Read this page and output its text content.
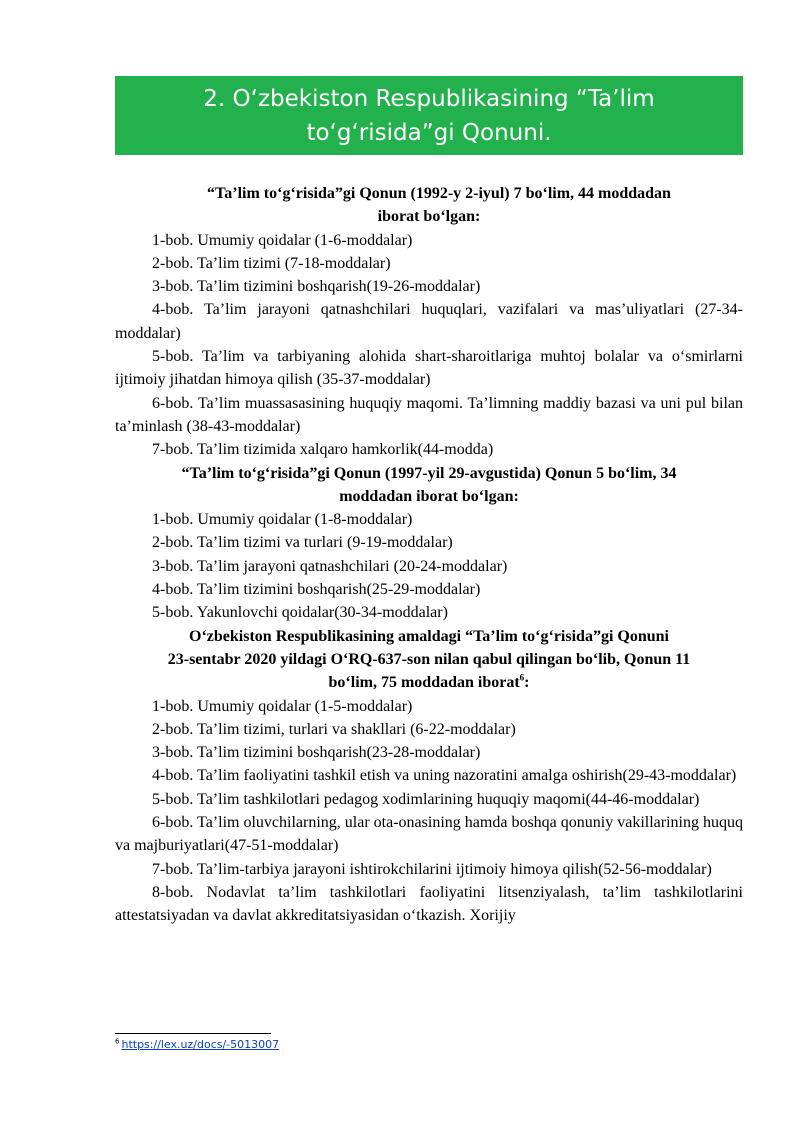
2. O‘zbekiston Respublikasining “Ta’lim
to‘g‘risida”gi Qonuni.

“Ta’lim to‘g‘risida”gi Qonun (1992-y 2-iyul) 7 bo‘lim, 44 moddadan
iborat bo‘lgan:

1-bob. Umumiy qoidalar (1-6-moddalar)

2-bob. Ta’lim tizimi (7-18-moddalar)

3-bob. Ta’lim tizimini boshqarish(19-26-moddalar)

4-bob. Ta’lim jarayoni qatnashchilari huquqlari, vazifalari va mas’uliyatlari (27-34-moddalar)

5-bob. Ta’lim va tarbiyaning alohida shart-sharoitlariga muhtoj bolalar va o‘smirlarni ijtimoiy jihatdan himoya qilish (35-37-moddalar)

6-bob. Ta’lim muassasasining huquqiy maqomi. Ta’limning maddiy bazasi va uni pul bilan ta’minlash (38-43-moddalar)

7-bob. Ta’lim tizimida xalqaro hamkorlik(44-modda)

“Ta’lim to‘g‘risida”gi Qonun (1997-yil 29-avgustida) Qonun 5 bo‘lim, 34
moddadan iborat bo‘lgan:

1-bob. Umumiy qoidalar (1-8-moddalar)

2-bob. Ta’lim tizimi va turlari (9-19-moddalar)

3-bob. Ta’lim jarayoni qatnashchilari (20-24-moddalar)

4-bob. Ta’lim tizimini boshqarish(25-29-moddalar)

5-bob. Yakunlovchi qoidalar(30-34-moddalar)

O‘zbekiston Respublikasining amaldagi “Ta’lim to‘g‘risida”gi Qonuni
23-sentabr 2020 yildagi O‘RQ-637-son nilan qabul qilingan bo‘lib, Qonun 11
bo‘lim, 75 moddadan iborat$^6$:

1-bob. Umumiy qoidalar (1-5-moddalar)

2-bob. Ta’lim tizimi, turlari va shakllari (6-22-moddalar)

3-bob. Ta’lim tizimini boshqarish(23-28-moddalar)

4-bob. Ta’lim faoliyatini tashkil etish va uning nazoratini amalga oshirish(29-43-moddalar)

5-bob. Ta’lim tashkilotlari pedagog xodimlarining huquqiy maqomi(44-46-moddalar)

6-bob. Ta’lim oluvchilarning, ular ota-onasining hamda boshqa qonuniy vakillarining huquq va majburiyatlari(47-51-moddalar)

7-bob. Ta’lim-tarbiya jarayoni ishtirokchilarini ijtimoiy himoya qilish(52-56-moddalar)

8-bob. Nodavlat ta’lim tashkilotlari faoliyatini litsenziyalash, ta’lim tashkilotlarini attestatsiyadan va davlat akkreditatsiyasidan o‘tkazish. Xorijiy

$^6$ https://lex.uz/docs/-5013007
